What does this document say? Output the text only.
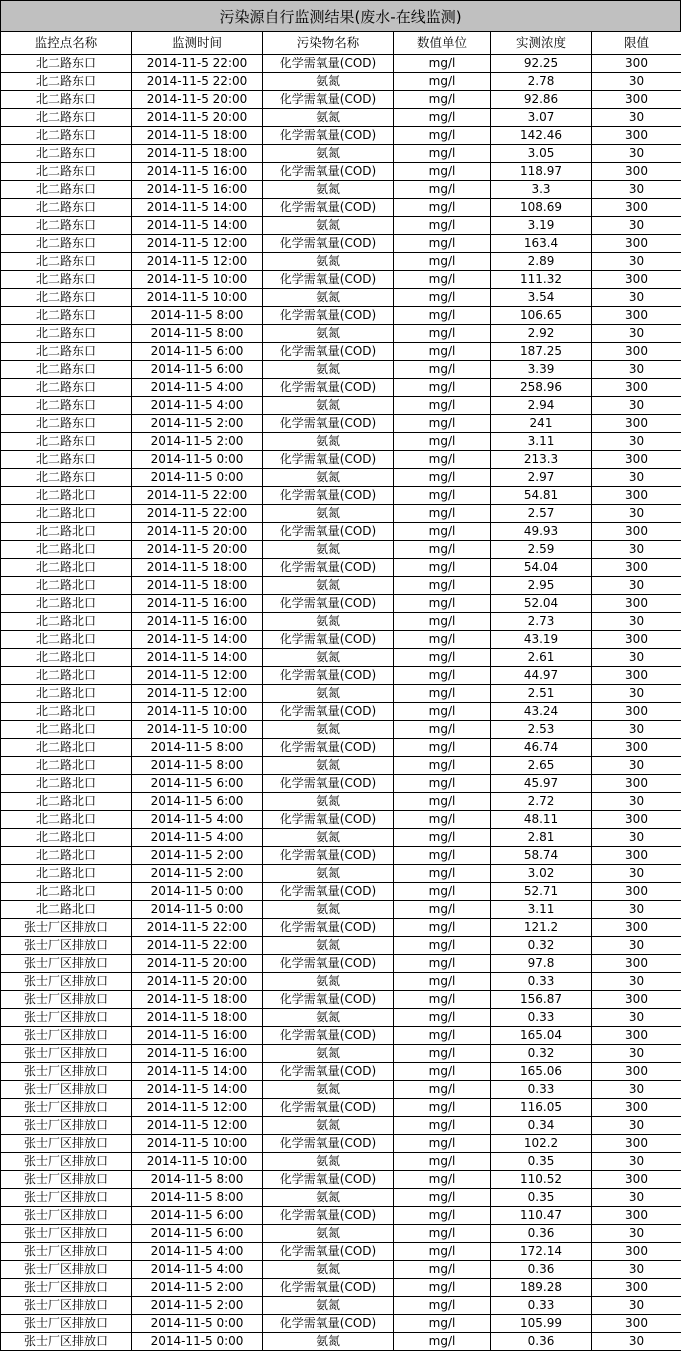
污染源自行监测结果(废水-在线监测)
监控点名称	监测时间	污染物名称	数值单位	实测浓度	限值
北二路东口	2014-11-5 22:00	化学需氧量(COD)	mg/l	92.25	300
北二路东口	2014-11-5 22:00	氨氮	mg/l	2.78	30
北二路东口	2014-11-5 20:00	化学需氧量(COD)	mg/l	92.86	300
北二路东口	2014-11-5 20:00	氨氮	mg/l	3.07	30
北二路东口	2014-11-5 18:00	化学需氧量(COD)	mg/l	142.46	300
北二路东口	2014-11-5 18:00	氨氮	mg/l	3.05	30
北二路东口	2014-11-5 16:00	化学需氧量(COD)	mg/l	118.97	300
北二路东口	2014-11-5 16:00	氨氮	mg/l	3.3	30
北二路东口	2014-11-5 14:00	化学需氧量(COD)	mg/l	108.69	300
北二路东口	2014-11-5 14:00	氨氮	mg/l	3.19	30
北二路东口	2014-11-5 12:00	化学需氧量(COD)	mg/l	163.4	300
北二路东口	2014-11-5 12:00	氨氮	mg/l	2.89	30
北二路东口	2014-11-5 10:00	化学需氧量(COD)	mg/l	111.32	300
北二路东口	2014-11-5 10:00	氨氮	mg/l	3.54	30
北二路东口	2014-11-5 8:00	化学需氧量(COD)	mg/l	106.65	300
北二路东口	2014-11-5 8:00	氨氮	mg/l	2.92	30
北二路东口	2014-11-5 6:00	化学需氧量(COD)	mg/l	187.25	300
北二路东口	2014-11-5 6:00	氨氮	mg/l	3.39	30
北二路东口	2014-11-5 4:00	化学需氧量(COD)	mg/l	258.96	300
北二路东口	2014-11-5 4:00	氨氮	mg/l	2.94	30
北二路东口	2014-11-5 2:00	化学需氧量(COD)	mg/l	241	300
北二路东口	2014-11-5 2:00	氨氮	mg/l	3.11	30
北二路东口	2014-11-5 0:00	化学需氧量(COD)	mg/l	213.3	300
北二路东口	2014-11-5 0:00	氨氮	mg/l	2.97	30
北二路北口	2014-11-5 22:00	化学需氧量(COD)	mg/l	54.81	300
北二路北口	2014-11-5 22:00	氨氮	mg/l	2.57	30
北二路北口	2014-11-5 20:00	化学需氧量(COD)	mg/l	49.93	300
北二路北口	2014-11-5 20:00	氨氮	mg/l	2.59	30
北二路北口	2014-11-5 18:00	化学需氧量(COD)	mg/l	54.04	300
北二路北口	2014-11-5 18:00	氨氮	mg/l	2.95	30
北二路北口	2014-11-5 16:00	化学需氧量(COD)	mg/l	52.04	300
北二路北口	2014-11-5 16:00	氨氮	mg/l	2.73	30
北二路北口	2014-11-5 14:00	化学需氧量(COD)	mg/l	43.19	300
北二路北口	2014-11-5 14:00	氨氮	mg/l	2.61	30
北二路北口	2014-11-5 12:00	化学需氧量(COD)	mg/l	44.97	300
北二路北口	2014-11-5 12:00	氨氮	mg/l	2.51	30
北二路北口	2014-11-5 10:00	化学需氧量(COD)	mg/l	43.24	300
北二路北口	2014-11-5 10:00	氨氮	mg/l	2.53	30
北二路北口	2014-11-5 8:00	化学需氧量(COD)	mg/l	46.74	300
北二路北口	2014-11-5 8:00	氨氮	mg/l	2.65	30
北二路北口	2014-11-5 6:00	化学需氧量(COD)	mg/l	45.97	300
北二路北口	2014-11-5 6:00	氨氮	mg/l	2.72	30
北二路北口	2014-11-5 4:00	化学需氧量(COD)	mg/l	48.11	300
北二路北口	2014-11-5 4:00	氨氮	mg/l	2.81	30
北二路北口	2014-11-5 2:00	化学需氧量(COD)	mg/l	58.74	300
北二路北口	2014-11-5 2:00	氨氮	mg/l	3.02	30
北二路北口	2014-11-5 0:00	化学需氧量(COD)	mg/l	52.71	300
北二路北口	2014-11-5 0:00	氨氮	mg/l	3.11	30
张士厂区排放口	2014-11-5 22:00	化学需氧量(COD)	mg/l	121.2	300
张士厂区排放口	2014-11-5 22:00	氨氮	mg/l	0.32	30
张士厂区排放口	2014-11-5 20:00	化学需氧量(COD)	mg/l	97.8	300
张士厂区排放口	2014-11-5 20:00	氨氮	mg/l	0.33	30
张士厂区排放口	2014-11-5 18:00	化学需氧量(COD)	mg/l	156.87	300
张士厂区排放口	2014-11-5 18:00	氨氮	mg/l	0.33	30
张士厂区排放口	2014-11-5 16:00	化学需氧量(COD)	mg/l	165.04	300
张士厂区排放口	2014-11-5 16:00	氨氮	mg/l	0.32	30
张士厂区排放口	2014-11-5 14:00	化学需氧量(COD)	mg/l	165.06	300
张士厂区排放口	2014-11-5 14:00	氨氮	mg/l	0.33	30
张士厂区排放口	2014-11-5 12:00	化学需氧量(COD)	mg/l	116.05	300
张士厂区排放口	2014-11-5 12:00	氨氮	mg/l	0.34	30
张士厂区排放口	2014-11-5 10:00	化学需氧量(COD)	mg/l	102.2	300
张士厂区排放口	2014-11-5 10:00	氨氮	mg/l	0.35	30
张士厂区排放口	2014-11-5 8:00	化学需氧量(COD)	mg/l	110.52	300
张士厂区排放口	2014-11-5 8:00	氨氮	mg/l	0.35	30
张士厂区排放口	2014-11-5 6:00	化学需氧量(COD)	mg/l	110.47	300
张士厂区排放口	2014-11-5 6:00	氨氮	mg/l	0.36	30
张士厂区排放口	2014-11-5 4:00	化学需氧量(COD)	mg/l	172.14	300
张士厂区排放口	2014-11-5 4:00	氨氮	mg/l	0.36	30
张士厂区排放口	2014-11-5 2:00	化学需氧量(COD)	mg/l	189.28	300
张士厂区排放口	2014-11-5 2:00	氨氮	mg/l	0.33	30
张士厂区排放口	2014-11-5 0:00	化学需氧量(COD)	mg/l	105.99	300
张士厂区排放口	2014-11-5 0:00	氨氮	mg/l	0.36	30
